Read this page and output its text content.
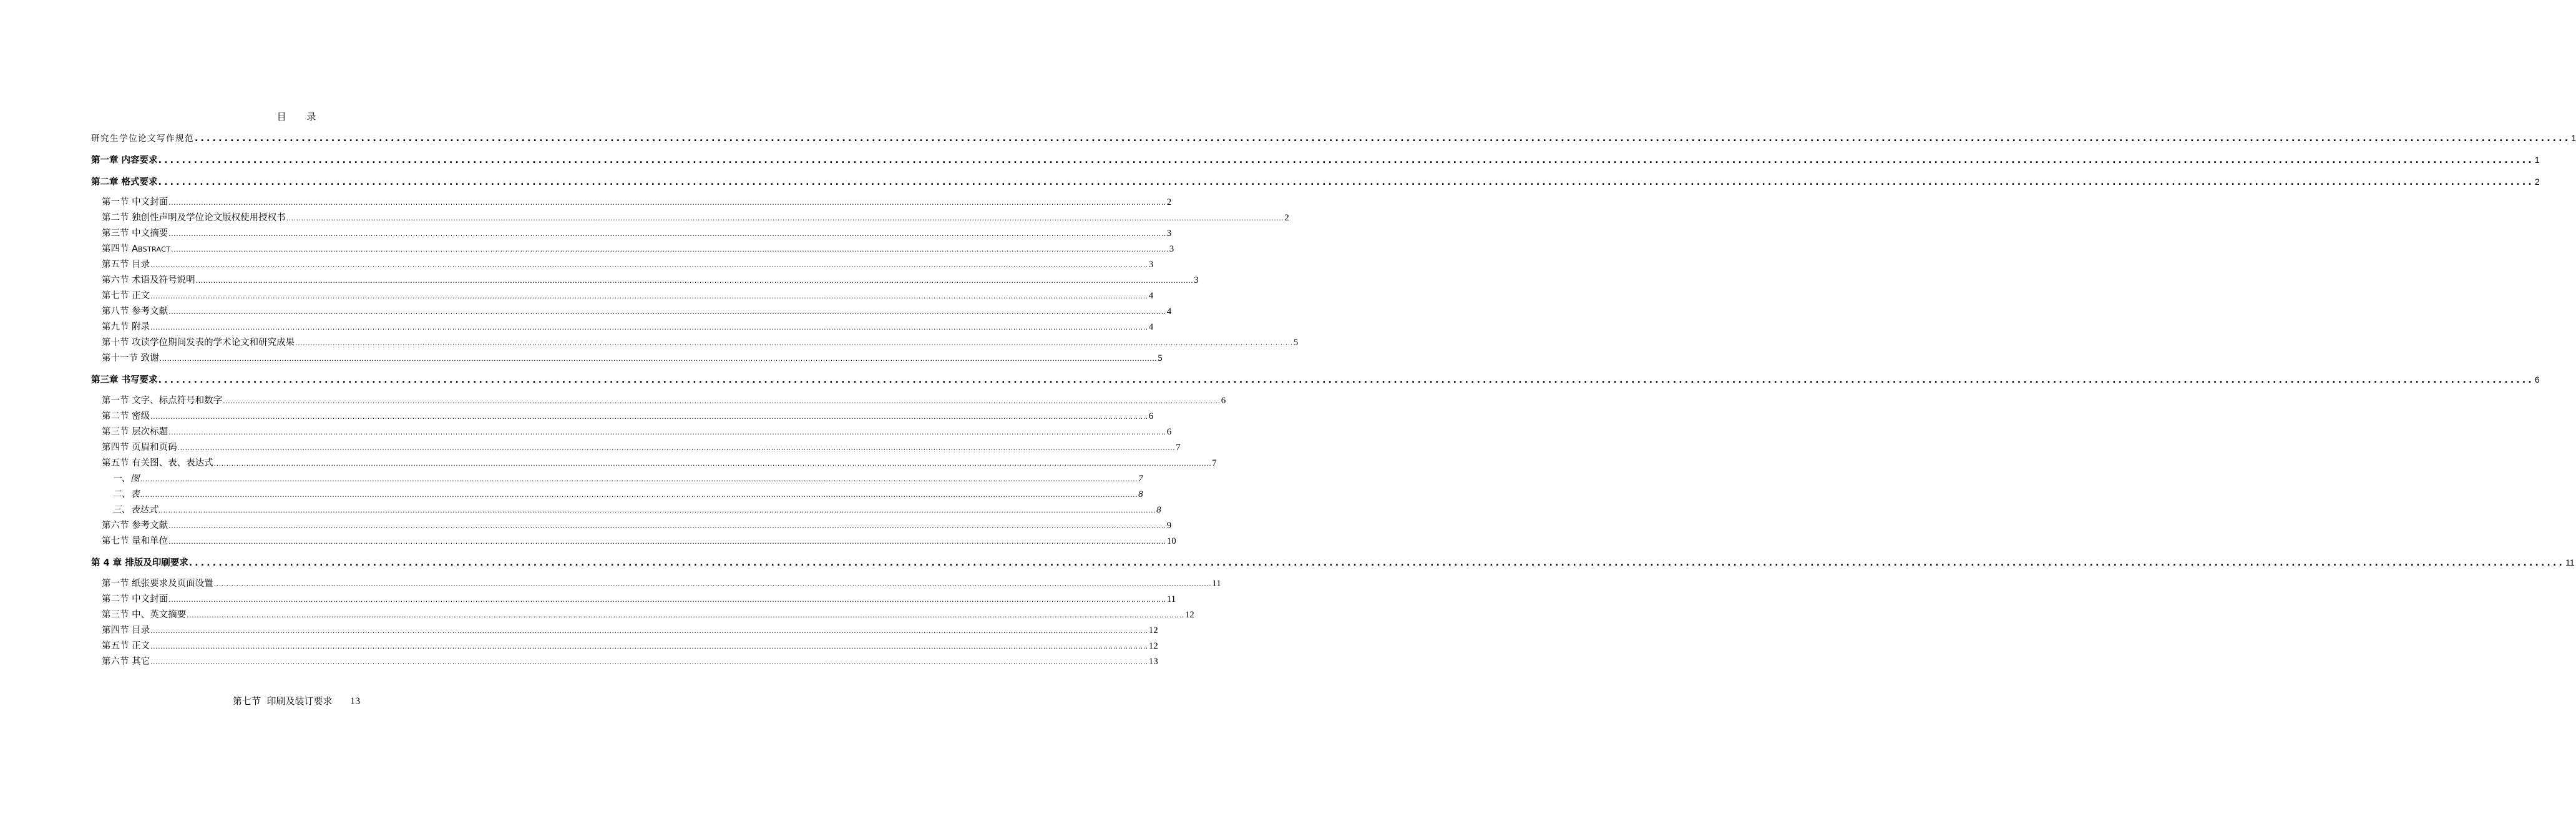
目 录
研究生学位论文写作规范 ................................................................................................................................................................................................................................................................................................................................................................................................................ 1
第一章 内容要求 ................................................................................................................................................................................................................................................................................................................................................................................................................ 1
第二章 格式要求 ................................................................................................................................................................................................................................................................................................................................................................................................................ 2
第一节 中文封面 ................................................................................................................................................................................................................................................................................................................................................................................................................ 2
第二节 独创性声明及学位论文版权使用授权书 ................................................................................................................................................................................................................................................................................................................................................................................................................ 2
第三节 中文摘要 ................................................................................................................................................................................................................................................................................................................................................................................................................ 3
第四节 ABSTRACT ................................................................................................................................................................................................................................................................................................................................................................................................................ 3
第五节 目录 ................................................................................................................................................................................................................................................................................................................................................................................................................ 3
第六节 术语及符号说明 ................................................................................................................................................................................................................................................................................................................................................................................................................ 3
第七节 正文 ................................................................................................................................................................................................................................................................................................................................................................................................................ 4
第八节 参考文献 ................................................................................................................................................................................................................................................................................................................................................................................................................ 4
第九节 附录 ................................................................................................................................................................................................................................................................................................................................................................................................................ 4
第十节 攻读学位期间发表的学术论文和研究成果 ................................................................................................................................................................................................................................................................................................................................................................................................................ 5
第十一节 致谢 ................................................................................................................................................................................................................................................................................................................................................................................................................ 5
第三章 书写要求 ................................................................................................................................................................................................................................................................................................................................................................................................................ 6
第一节 文字、标点符号和数字 ................................................................................................................................................................................................................................................................................................................................................................................................................ 6
第二节 密级 ................................................................................................................................................................................................................................................................................................................................................................................................................ 6
第三节 层次标题 ................................................................................................................................................................................................................................................................................................................................................................................................................ 6
第四节 页眉和页码 ................................................................................................................................................................................................................................................................................................................................................................................................................ 7
第五节 有关图、表、表达式 ................................................................................................................................................................................................................................................................................................................................................................................................................ 7
一、图 ................................................................................................................................................................................................................................................................................................................................................................................................................ 7
二、表 ................................................................................................................................................................................................................................................................................................................................................................................................................ 8
三、表达式 ................................................................................................................................................................................................................................................................................................................................................................................................................ 8
第六节 参考文献 ................................................................................................................................................................................................................................................................................................................................................................................................................ 9
第七节 量和单位 ................................................................................................................................................................................................................................................................................................................................................................................................................ 10
第 4 章 排版及印刷要求 ................................................................................................................................................................................................................................................................................................................................................................................................................ 11
第一节 纸张要求及页面设置 ................................................................................................................................................................................................................................................................................................................................................................................................................ 11
第二节 中文封面 ................................................................................................................................................................................................................................................................................................................................................................................................................ 11
第三节 中、英文摘要 ................................................................................................................................................................................................................................................................................................................................................................................................................ 12
第四节 目录 ................................................................................................................................................................................................................................................................................................................................................................................................................ 12
第五节 正文 ................................................................................................................................................................................................................................................................................................................................................................................................................ 12
第六节 其它 ................................................................................................................................................................................................................................................................................................................................................................................................................ 13
第七节  印刷及装订要求 13
